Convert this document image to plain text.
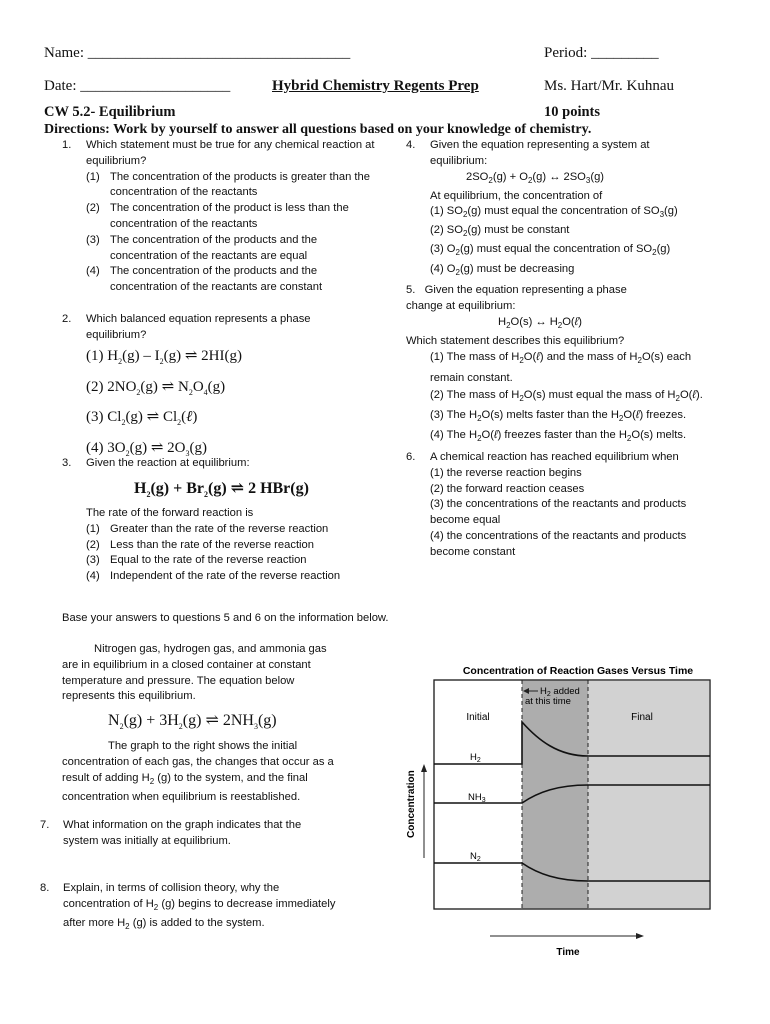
Name: ___________________________________	Period: _________
Date: ____________________	Hybrid Chemistry Regents Prep	Ms. Hart/Mr. Kuhnau
CW 5.2- Equilibrium	10 points
Directions: Work by yourself to answer all questions based on your knowledge of chemistry.
1. Which statement must be true for any chemical reaction at equilibrium?
(1) The concentration of the products is greater than the concentration of the reactants
(2) The concentration of the product is less than the concentration of the reactants
(3) The concentration of the products and the concentration of the reactants are equal
(4) The concentration of the products and the concentration of the reactants are constant
2. Which balanced equation represents a phase equilibrium?
(1) $H_2(g) - I_2(g)$ ⇌ 2HI(g)
(2) $2NO_2(g)$ ⇌ $N_2O_4(g)$
(3) $Cl_2(g)$ ⇌ $Cl_2(\ell)$
(4) $3O_2(g)$ ⇌ $2O_3(g)$
3. Given the reaction at equilibrium:
$H_2(g) + Br_2(g)$ ⇌ 2 HBr(g)
The rate of the forward reaction is
(1) Greater than the rate of the reverse reaction
(2) Less than the rate of the reverse reaction
(3) Equal to the rate of the reverse reaction
(4) Independent of the rate of the reverse reaction
4. Given the equation representing a system at equilibrium:
$2SO_2(g) + O_2(g)$ ↔ $2SO_3(g)$
At equilibrium, the concentration of
(1) $SO_2(g)$ must equal the concentration of $SO_3(g)$
(2) $SO_2(g)$ must be constant
(3) $O_2(g)$ must equal the concentration of $SO_2(g)$
(4) $O_2(g)$ must be decreasing
5. Given the equation representing a phase
change at equilibrium:
$H_2O(s)$ ↔ $H_2O(\ell)$
Which statement describes this equilibrium?
(1) The mass of $H_2O(\ell)$ and the mass of $H_2O(s)$ each remain constant.
(2) The mass of $H_2O(s)$ must equal the mass of $H_2O(\ell)$.
(3) The $H_2O(s)$ melts faster than the $H_2O(\ell)$ freezes.
(4) The $H_2O(\ell)$ freezes faster than the $H_2O(s)$ melts.
6. A chemical reaction has reached equilibrium when
(1) the reverse reaction begins
(2) the forward reaction ceases
(3) the concentrations of the reactants and products become equal
(4) the concentrations of the reactants and products become constant
Base your answers to questions 5 and 6 on the information below.
Nitrogen gas, hydrogen gas, and ammonia gas are in equilibrium in a closed container at constant temperature and pressure. The equation below represents this equilibrium.
$N_2(g) + 3H_2(g)$ ⇌ $2NH_3(g)$
The graph to the right shows the initial concentration of each gas, the changes that occur as a result of adding $H_2$ (g) to the system, and the final concentration when equilibrium is reestablished.
7. What information on the graph indicates that the system was initially at equilibrium.
8. Explain, in terms of collision theory, why the concentration of $H_2$ (g) begins to decrease immediately after more $H_2$ (g) is added to the system.
Concentration of Reaction Gases Versus Time
Initial	Final
$H_2$ added
at this time
$H_2$
$NH_3$
$N_2$
Concentration
Time
